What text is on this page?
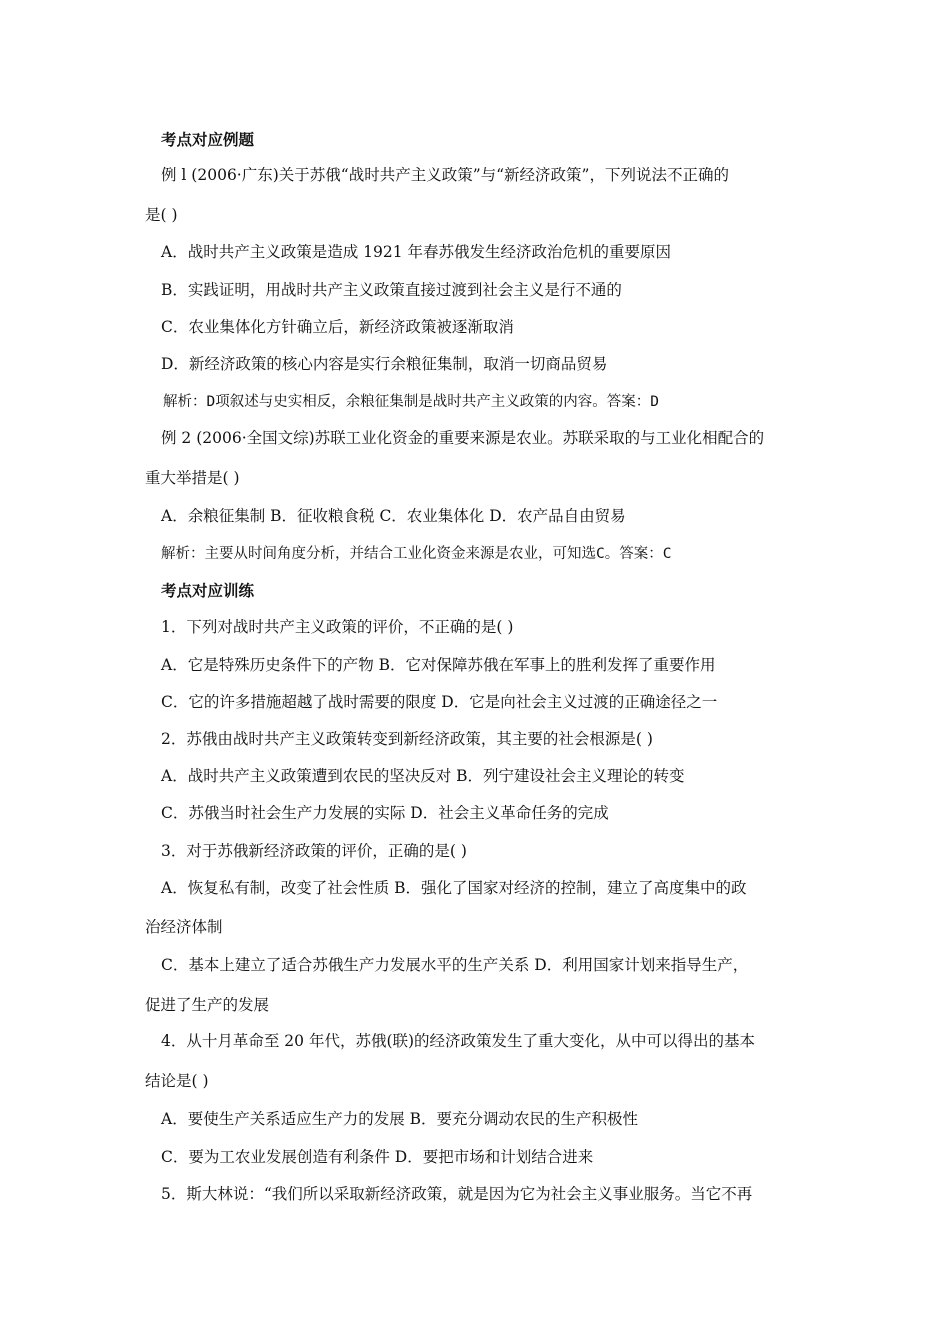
考点对应例题
例 l (2006·广东)关于苏俄“战时共产主义政策”与“新经济政策”，下列说法不正确的
是( )
A．战时共产主义政策是造成 1921 年春苏俄发生经济政治危机的重要原因
B．实践证明，用战时共产主义政策直接过渡到社会主义是行不通的
C．农业集体化方针确立后，新经济政策被逐渐取消
D．新经济政策的核心内容是实行余粮征集制，取消一切商品贸易
解析：D项叙述与史实相反，余粮征集制是战时共产主义政策的内容。答案：D
例 2 (2006·全国文综)苏联工业化资金的重要来源是农业。苏联采取的与工业化相配合的
重大举措是( )
A．余粮征集制 B．征收粮食税 C．农业集体化 D．农产品自由贸易
解析：主要从时间角度分析，并结合工业化资金来源是农业，可知选C。答案：C
考点对应训练
1．下列对战时共产主义政策的评价，不正确的是( )
A．它是特殊历史条件下的产物 B．它对保障苏俄在军事上的胜利发挥了重要作用
C．它的许多措施超越了战时需要的限度 D．它是向社会主义过渡的正确途径之一
2．苏俄由战时共产主义政策转变到新经济政策，其主要的社会根源是( )
A．战时共产主义政策遭到农民的坚决反对 B．列宁建设社会主义理论的转变
C．苏俄当时社会生产力发展的实际 D．社会主义革命任务的完成
3．对于苏俄新经济政策的评价，正确的是( )
A．恢复私有制，改变了社会性质 B．强化了国家对经济的控制，建立了高度集中的政
治经济体制
C．基本上建立了适合苏俄生产力发展水平的生产关系 D．利用国家计划来指导生产，
促进了生产的发展
4．从十月革命至 20 年代，苏俄(联)的经济政策发生了重大变化，从中可以得出的基本
结论是( )
A．要使生产关系适应生产力的发展 B．要充分调动农民的生产积极性
C．要为工农业发展创造有利条件 D．要把市场和计划结合进来
5．斯大林说：“我们所以采取新经济政策，就是因为它为社会主义事业服务。当它不再
